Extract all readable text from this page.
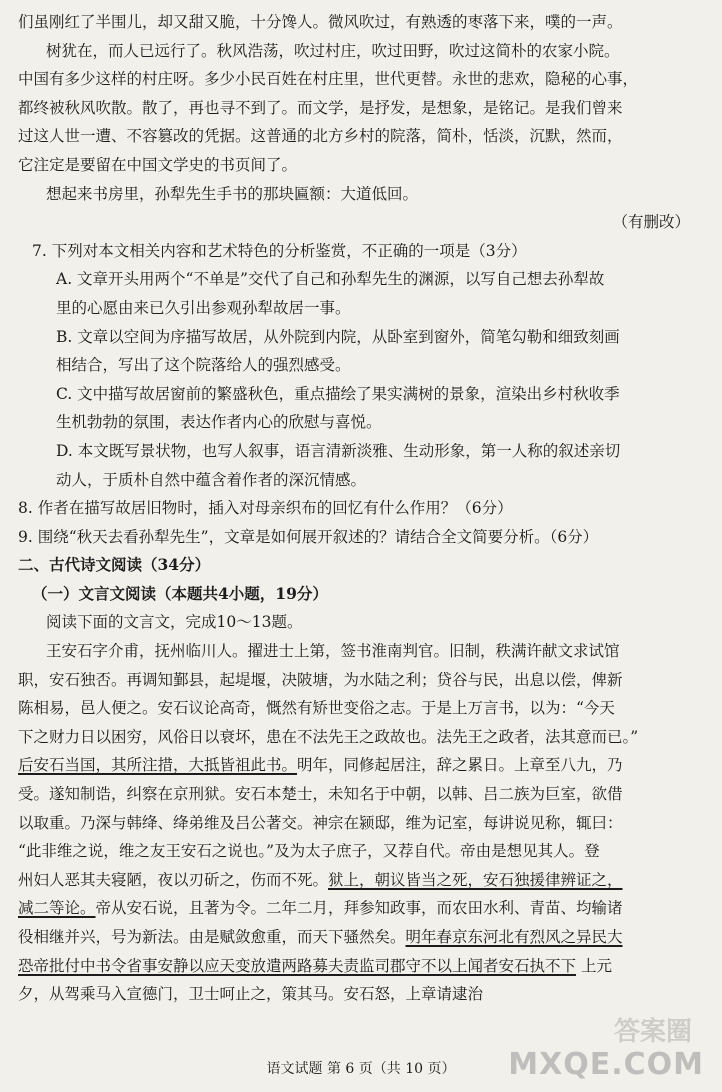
们虽刚红了半围儿，却又甜又脆，十分馋人。微风吹过，有熟透的枣落下来，噗的一声。
树犹在，而人已远行了。秋风浩荡，吹过村庄，吹过田野，吹过这简朴的农家小院。
中国有多少这样的村庄呀。多少小民百姓在村庄里，世代更替。永世的悲欢，隐秘的心事，
都终被秋风吹散。散了，再也寻不到了。而文学，是抒发，是想象，是铭记。是我们曾来
过这人世一遭、不容篡改的凭据。这普通的北方乡村的院落，简朴，恬淡，沉默，然而，
它注定是要留在中国文学史的书页间了。
想起来书房里，孙犁先生手书的那块匾额：大道低回。
（有删改）
7. 下列对本文相关内容和艺术特色的分析鉴赏，不正确的一项是（3分）
A. 文章开头用两个“不单是”交代了自己和孙犁先生的渊源，以写自己想去孙犁故
里的心愿由来已久引出参观孙犁故居一事。
B. 文章以空间为序描写故居，从外院到内院，从卧室到窗外，简笔勾勒和细致刻画
相结合，写出了这个院落给人的强烈感受。
C. 文中描写故居窗前的繁盛秋色，重点描绘了果实满树的景象，渲染出乡村秋收季
生机勃勃的氛围，表达作者内心的欣慰与喜悦。
D. 本文既写景状物，也写人叙事，语言清新淡雅、生动形象，第一人称的叙述亲切
动人，于质朴自然中蕴含着作者的深沉情感。
8. 作者在描写故居旧物时，插入对母亲织布的回忆有什么作用？（6分）
9. 围绕“秋天去看孙犁先生”，文章是如何展开叙述的？请结合全文简要分析。（6分）
二、古代诗文阅读（34分）
（一）文言文阅读（本题共4小题，19分）
阅读下面的文言文，完成10～13题。
王安石字介甫，抚州临川人。擢进士上第，签书淮南判官。旧制，秩满许献文求试馆
职，安石独否。再调知鄞县，起堤堰，决陂塘，为水陆之利；贷谷与民，出息以偿，俾新
陈相易，邑人便之。安石议论高奇，慨然有矫世变俗之志。于是上万言书，以为：“今天
下之财力日以困穷，风俗日以衰坏，患在不法先王之政故也。法先王之政者，法其意而已。”
后安石当国，其所注措，大抵皆祖此书。明年，同修起居注，辞之累日。上章至八九，乃
受。遂知制诰，纠察在京刑狱。安石本楚士，未知名于中朝，以韩、吕二族为巨室，欲借
以取重。乃深与韩绛、绛弟维及吕公著交。神宗在颍邸，维为记室，每讲说见称，辄曰：
“此非维之说，维之友王安石之说也。”及为太子庶子，又荐自代。帝由是想见其人。登
州妇人恶其夫寝陋，夜以刃斫之，伤而不死。狱上，朝议皆当之死，安石独援律辨证之，
减二等论。帝从安石说，且著为令。二年二月，拜参知政事，而农田水利、青苗、均输诸
役相继并兴，号为新法。由是赋敛愈重，而天下骚然矣。明年春京东河北有烈风之异民大
恐帝批付中书令省事安静以应天变放遣两路募夫责监司郡守不以上闻者安石执不下 上元
夕，从驾乘马入宣德门，卫士呵止之，策其马。安石怒，上章请逮治
语文试题 第 6 页（共 10 页）
答案圈
MXQE.COM
